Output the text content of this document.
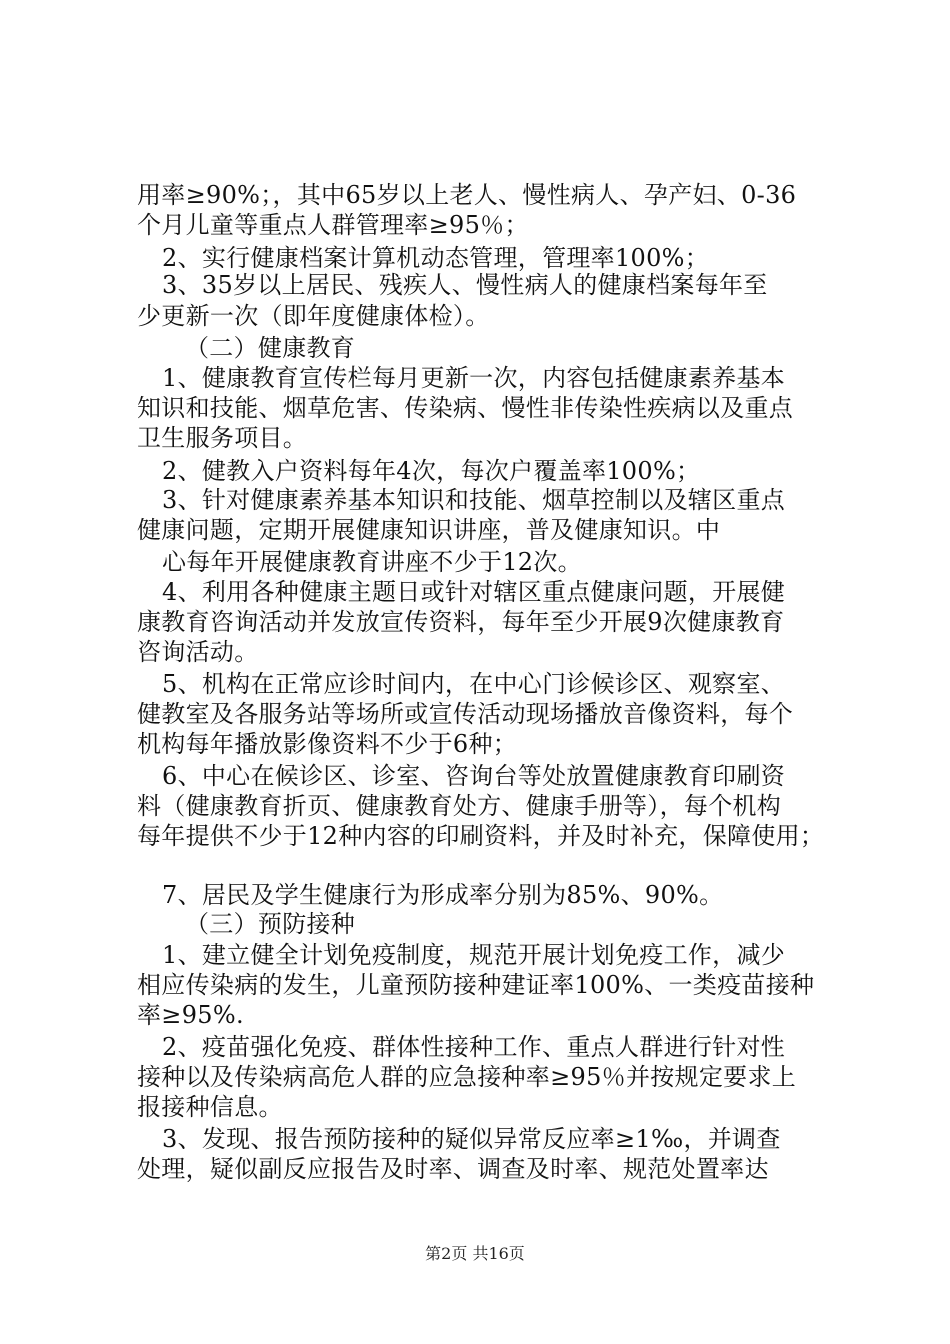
用率≥90%；，其中65岁以上老人、慢性病人、孕产妇、0-36
个月儿童等重点人群管理率≥95％；
2、实行健康档案计算机动态管理，管理率100%；
3、35岁以上居民、残疾人、慢性病人的健康档案每年至
少更新一次（即年度健康体检）。
（二）健康教育
1、健康教育宣传栏每月更新一次，内容包括健康素养基本
知识和技能、烟草危害、传染病、慢性非传染性疾病以及重点
卫生服务项目。
2、健教入户资料每年4次，每次户覆盖率100%；
3、针对健康素养基本知识和技能、烟草控制以及辖区重点
健康问题，定期开展健康知识讲座，普及健康知识。中
心每年开展健康教育讲座不少于12次。
4、利用各种健康主题日或针对辖区重点健康问题，开展健
康教育咨询活动并发放宣传资料，每年至少开展9次健康教育
咨询活动。
5、机构在正常应诊时间内，在中心门诊候诊区、观察室、
健教室及各服务站等场所或宣传活动现场播放音像资料，每个
机构每年播放影像资料不少于6种；
6、中心在候诊区、诊室、咨询台等处放置健康教育印刷资
料（健康教育折页、健康教育处方、健康手册等），每个机构
每年提供不少于12种内容的印刷资料，并及时补充，保障使用；
7、居民及学生健康行为形成率分别为85%、90%。
（三）预防接种
1、建立健全计划免疫制度，规范开展计划免疫工作，减少
相应传染病的发生，儿童预防接种建证率100%、一类疫苗接种
率≥95%.
2、疫苗强化免疫、群体性接种工作、重点人群进行针对性
接种以及传染病高危人群的应急接种率≥95％并按规定要求上
报接种信息。
3、发现、报告预防接种的疑似异常反应率≥1‰，并调查
处理，疑似副反应报告及时率、调查及时率、规范处置率达
第2页 共16页
